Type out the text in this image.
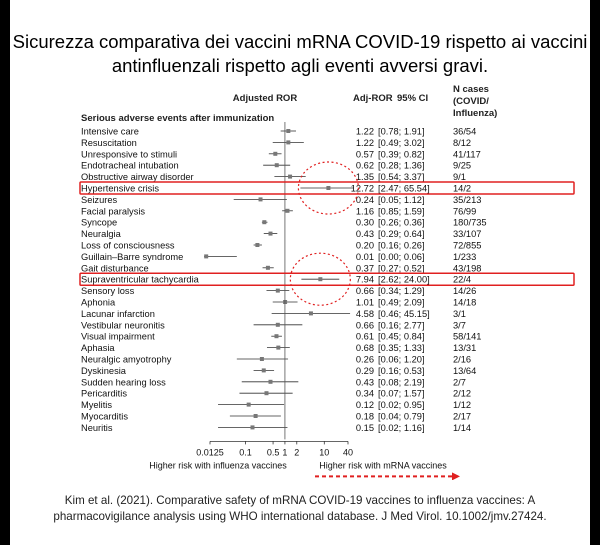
Sicurezza comparativa dei vaccini mRNA COVID-19 rispetto ai vaccini
antinfluenzali rispetto agli eventi avversi gravi.
Adjusted ROR	Adj-ROR 95% CI
N cases
(COVID/
Influenza)
Serious adverse events after immunization
Intensive care	1.22 [0.78; 1.91]	36/54
Resuscitation	1.22 [0.49; 3.02]	8/12
Unresponsive to stimuli	0.57 [0.39; 0.82]	41/117
Endotracheal intubation	0.62 [0.28; 1.36]	9/25
Obstructive airway disorder	1.35 [0.54; 3.37]	9/1
Hypertensive crisis	12.72 [2.47; 65.54]	14/2
Seizures	0.24 [0.05; 1.12]	35/213
Facial paralysis	1.16 [0.85; 1.59]	76/99
Syncope	0.30 [0.26; 0.36]	180/735
Neuralgia	0.43 [0.29; 0.64]	33/107
Loss of consciousness	0.20 [0.16; 0.26]	72/855
Guillain–Barre syndrome	0.01 [0.00; 0.06]	1/233
Gait disturbance	0.37 [0.27; 0.52]	43/198
Supraventricular tachycardia	7.94 [2.62; 24.00]	22/4
Sensory loss	0.66 [0.34; 1.29]	14/26
Aphonia	1.01 [0.49; 2.09]	14/18
Lacunar infarction	4.58 [0.46; 45.15]	3/1
Vestibular neuronitis	0.66 [0.16; 2.77]	3/7
Visual impairment	0.61 [0.45; 0.84]	58/141
Aphasia	0.68 [0.35; 1.33]	13/31
Neuralgic amyotrophy	0.26 [0.06; 1.20]	2/16
Dyskinesia	0.29 [0.16; 0.53]	13/64
Sudden hearing loss	0.43 [0.08; 2.19]	2/7
Pericarditis	0.34 [0.07; 1.57]	2/12
Myelitis	0.12 [0.02; 0.95]	1/12
Myocarditis	0.18 [0.04; 0.79]	2/17
Neuritis	0.15 [0.02; 1.16]	1/14
0.0125 0.1 0.5 1 2 10 40
Higher risk with influenza vaccines	Higher risk with mRNA vaccines
Kim et al. (2021). Comparative safety of mRNA COVID-19 vaccines to influenza vaccines: A
pharmacovigilance analysis using WHO international database. J Med Virol. 10.1002/jmv.27424.
